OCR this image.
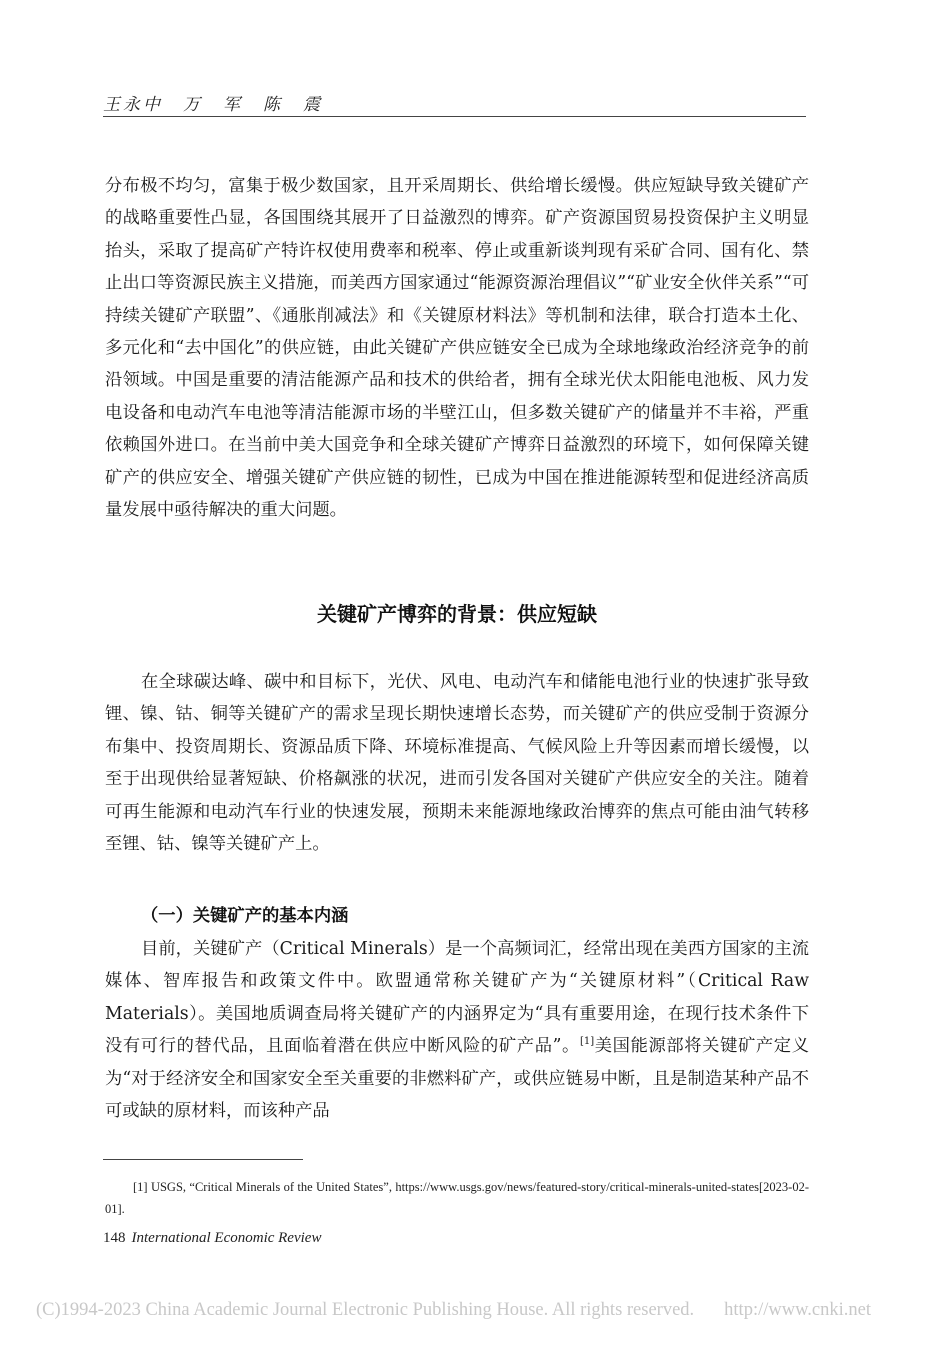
王永中　万　军　陈　震

分布极不均匀，富集于极少数国家，且开采周期长、供给增长缓慢。供应短缺导致关键矿产的战略重要性凸显，各国围绕其展开了日益激烈的博弈。矿产资源国贸易投资保护主义明显抬头，采取了提高矿产特许权使用费率和税率、停止或重新谈判现有采矿合同、国有化、禁止出口等资源民族主义措施，而美西方国家通过“能源资源治理倡议”“矿业安全伙伴关系”“可持续关键矿产联盟”、《通胀削减法》和《关键原材料法》等机制和法律，联合打造本土化、多元化和“去中国化”的供应链，由此关键矿产供应链安全已成为全球地缘政治经济竞争的前沿领域。中国是重要的清洁能源产品和技术的供给者，拥有全球光伏太阳能电池板、风力发电设备和电动汽车电池等清洁能源市场的半壁江山，但多数关键矿产的储量并不丰裕，严重依赖国外进口。在当前中美大国竞争和全球关键矿产博弈日益激烈的环境下，如何保障关键矿产的供应安全、增强关键矿产供应链的韧性，已成为中国在推进能源转型和促进经济高质量发展中亟待解决的重大问题。

关键矿产博弈的背景：供应短缺

在全球碳达峰、碳中和目标下，光伏、风电、电动汽车和储能电池行业的快速扩张导致锂、镍、钴、铜等关键矿产的需求呈现长期快速增长态势，而关键矿产的供应受制于资源分布集中、投资周期长、资源品质下降、环境标准提高、气候风险上升等因素而增长缓慢，以至于出现供给显著短缺、价格飙涨的状况，进而引发各国对关键矿产供应安全的关注。随着可再生能源和电动汽车行业的快速发展，预期未来能源地缘政治博弈的焦点可能由油气转移至锂、钴、镍等关键矿产上。

（一）关键矿产的基本内涵

目前，关键矿产（Critical Minerals）是一个高频词汇，经常出现在美西方国家的主流媒体、智库报告和政策文件中。欧盟通常称关键矿产为“关键原材料”（Critical Raw Materials）。美国地质调查局将关键矿产的内涵界定为“具有重要用途，在现行技术条件下没有可行的替代品，且面临着潜在供应中断风险的矿产品”。[1]美国能源部将关键矿产定义为“对于经济安全和国家安全至关重要的非燃料矿产，或供应链易中断，且是制造某种产品不可或缺的原材料，而该种产品

[1] USGS, “Critical Minerals of the United States”, https://www.usgs.gov/news/featured-story/critical-minerals-united-states[2023-02-01].

148 International Economic Review
(C)1994-2023 China Academic Journal Electronic Publishing House. All rights reserved. http://www.cnki.net
